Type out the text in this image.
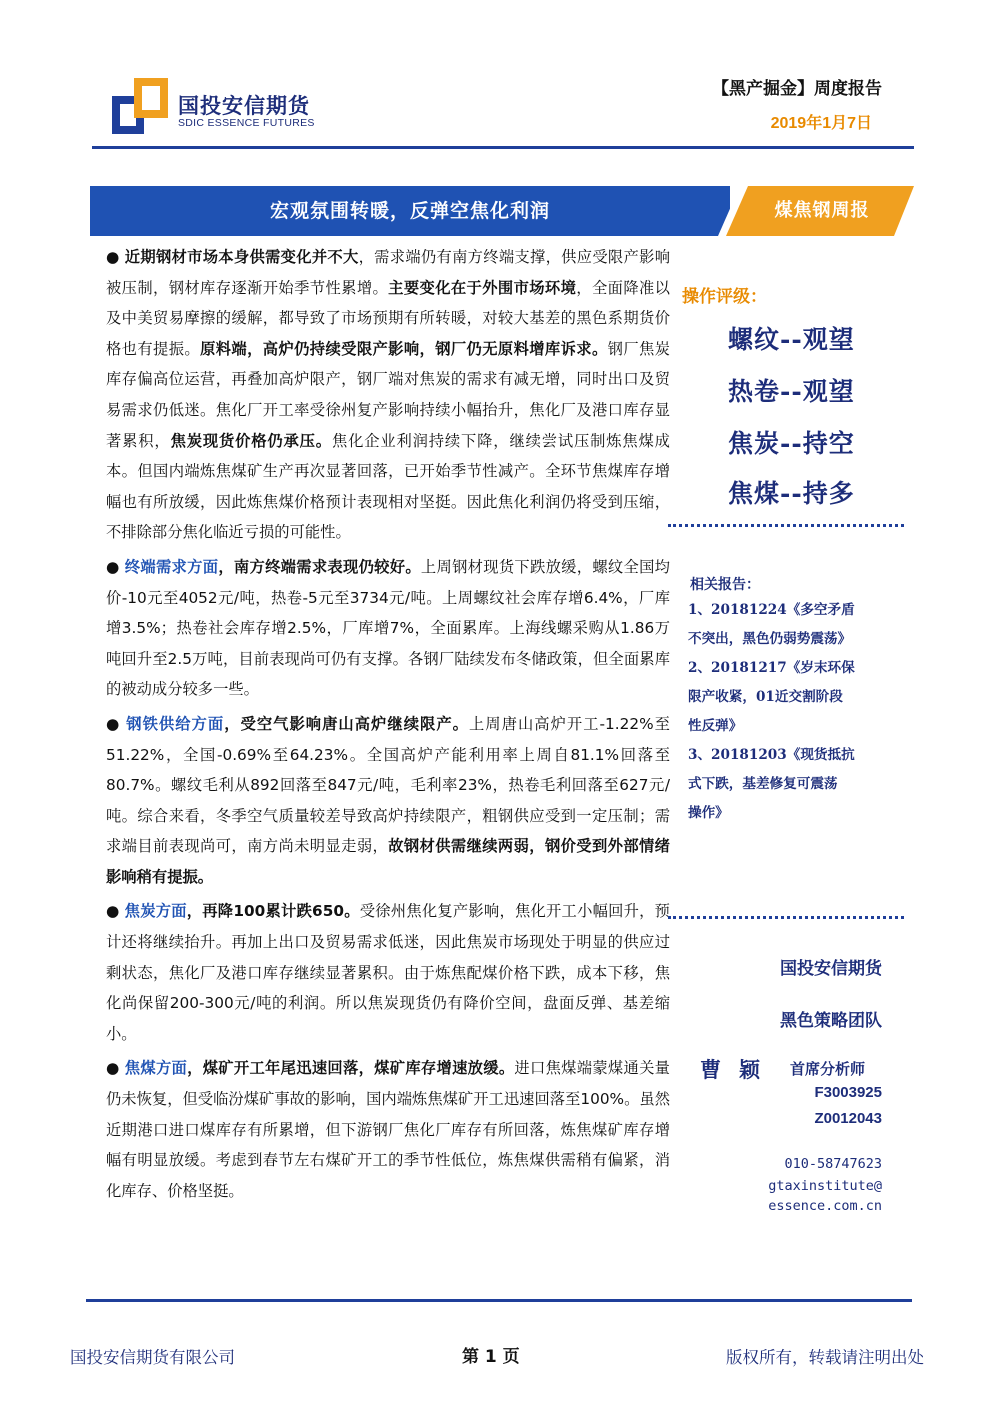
国投安信期货
SDIC ESSENCE FUTURES
【黑产掘金】周度报告
2019年1月7日
宏观氛围转暖，反弹空焦化利润	煤焦钢周报

● 近期钢材市场本身供需变化并不大，需求端仍有南方终端支撑，供应受限产影响被压制，钢材库存逐渐开始季节性累增。主要变化在于外围市场环境，全面降准以及中美贸易摩擦的缓解，都导致了市场预期有所转暖，对较大基差的黑色系期货价格也有提振。原料端，高炉仍持续受限产影响，钢厂仍无原料增库诉求。钢厂焦炭库存偏高位运营，再叠加高炉限产，钢厂端对焦炭的需求有减无增，同时出口及贸易需求仍低迷。焦化厂开工率受徐州复产影响持续小幅抬升，焦化厂及港口库存显著累积，焦炭现货价格仍承压。焦化企业利润持续下降，继续尝试压制炼焦煤成本。但国内端炼焦煤矿生产再次显著回落，已开始季节性减产。全环节焦煤库存增幅也有所放缓，因此炼焦煤价格预计表现相对坚挺。因此焦化利润仍将受到压缩，不排除部分焦化临近亏损的可能性。

● 终端需求方面，南方终端需求表现仍较好。上周钢材现货下跌放缓，螺纹全国均价-10元至4052元/吨，热卷-5元至3734元/吨。上周螺纹社会库存增6.4%，厂库增3.5%；热卷社会库存增2.5%，厂库增7%，全面累库。上海线螺采购从1.86万吨回升至2.5万吨，目前表现尚可仍有支撑。各钢厂陆续发布冬储政策，但全面累库的被动成分较多一些。

● 钢铁供给方面，受空气影响唐山高炉继续限产。上周唐山高炉开工-1.22%至51.22%，全国-0.69%至64.23%。全国高炉产能利用率上周自81.1%回落至80.7%。螺纹毛利从892回落至847元/吨，毛利率23%，热卷毛利回落至627元/吨。综合来看，冬季空气质量较差导致高炉持续限产，粗钢供应受到一定压制；需求端目前表现尚可，南方尚未明显走弱，故钢材供需继续两弱，钢价受到外部情绪影响稍有提振。

● 焦炭方面，再降100累计跌650。受徐州焦化复产影响，焦化开工小幅回升，预计还将继续抬升。再加上出口及贸易需求低迷，因此焦炭市场现处于明显的供应过剩状态，焦化厂及港口库存继续显著累积。由于炼焦配煤价格下跌，成本下移，焦化尚保留200-300元/吨的利润。所以焦炭现货仍有降价空间，盘面反弹、基差缩小。

● 焦煤方面，煤矿开工年尾迅速回落，煤矿库存增速放缓。进口焦煤端蒙煤通关量仍未恢复，但受临汾煤矿事故的影响，国内端炼焦煤矿开工迅速回落至100%。虽然近期港口进口煤库存有所累增，但下游钢厂焦化厂库存有所回落，炼焦煤矿库存增幅有明显放缓。考虑到春节左右煤矿开工的季节性低位，炼焦煤供需稍有偏紧，消化库存、价格坚挺。

操作评级：
螺纹--观望
热卷--观望
焦炭--持空
焦煤--持多
相关报告：

1、20181224《多空矛盾
不突出，黑色仍弱势震荡》

2、20181217《岁末环保
限产收紧，01近交割阶段
性反弹》

3、20181203《现货抵抗
式下跌，基差修复可震荡
操作》

国投安信期货
黑色策略团队
曹颖 首席分析师
F3003925
Z0012043
010-58747623
gtaxinstitute@
essence.com.cn
国投安信期货有限公司	第 1 页	版权所有，转载请注明出处
